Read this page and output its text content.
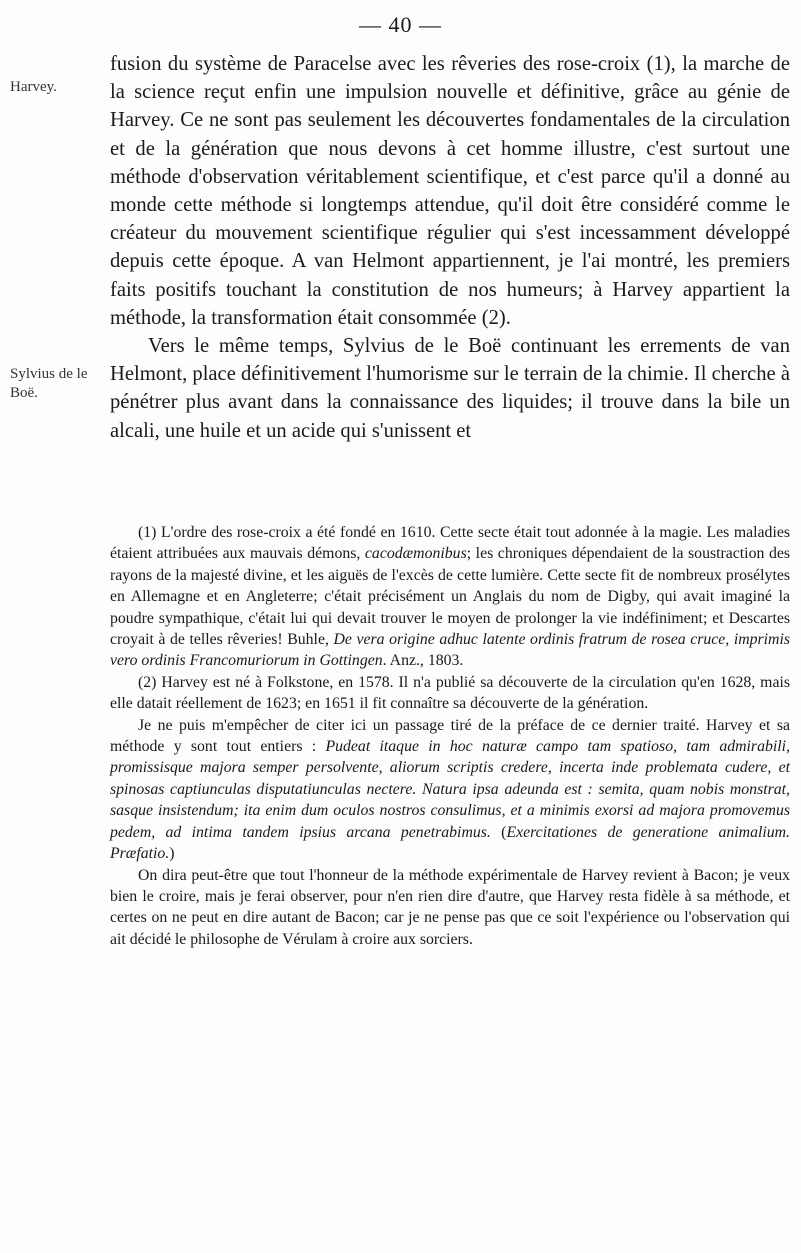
— 40 —
Harvey.
Sylvius de le Boë.

fusion du système de Paracelse avec les rêveries des rose-croix (1), la marche de la science reçut enfin une impulsion nouvelle et définitive, grâce au génie de Harvey. Ce ne sont pas seulement les découvertes fondamentales de la circulation et de la génération que nous devons à cet homme illustre, c'est surtout une méthode d'observation véritablement scientifique, et c'est parce qu'il a donné au monde cette méthode si longtemps attendue, qu'il doit être considéré comme le créateur du mouvement scientifique régulier qui s'est incessamment développé depuis cette époque. A van Helmont appartiennent, je l'ai montré, les premiers faits positifs touchant la constitution de nos humeurs; à Harvey appartient la méthode, la transformation était consommée (2).

Vers le même temps, Sylvius de le Boë continuant les errements de van Helmont, place définitivement l'humorisme sur le terrain de la chimie. Il cherche à pénétrer plus avant dans la connaissance des liquides; il trouve dans la bile un alcali, une huile et un acide qui s'unissent et

(1) L'ordre des rose-croix a été fondé en 1610. Cette secte était tout adonnée à la magie. Les maladies étaient attribuées aux mauvais démons, cacodæmonibus; les chroniques dépendaient de la soustraction des rayons de la majesté divine, et les aiguës de l'excès de cette lumière. Cette secte fit de nombreux prosélytes en Allemagne et en Angleterre; c'était précisément un Anglais du nom de Digby, qui avait imaginé la poudre sympathique, c'était lui qui devait trouver le moyen de prolonger la vie indéfiniment; et Descartes croyait à de telles rêveries! Buhle, De vera origine adhuc latente ordinis fratrum de rosea cruce, imprimis vero ordinis Francomuriorum in Gottingen. Anz., 1803.

(2) Harvey est né à Folkstone, en 1578. Il n'a publié sa découverte de la circulation qu'en 1628, mais elle datait réellement de 1623; en 1651 il fit connaître sa découverte de la génération.

Je ne puis m'empêcher de citer ici un passage tiré de la préface de ce dernier traité. Harvey et sa méthode y sont tout entiers : Pudeat itaque in hoc naturæ campo tam spatioso, tam admirabili, promissisque majora semper persolvente, aliorum scriptis credere, incerta inde problemata cudere, et spinosas captiunculas disputatiunculas nectere. Natura ipsa adeunda est : semita, quam nobis monstrat, sasque insistendum; ita enim dum oculos nostros consulimus, et a minimis exorsi ad majora promovemus pedem, ad intima tandem ipsius arcana penetrabimus. (Exercitationes de generatione animalium. Præfatio.)

On dira peut-être que tout l'honneur de la méthode expérimentale de Harvey revient à Bacon; je veux bien le croire, mais je ferai observer, pour n'en rien dire d'autre, que Harvey resta fidèle à sa méthode, et certes on ne peut en dire autant de Bacon; car je ne pense pas que ce soit l'expérience ou l'observation qui ait décidé le philosophe de Vérulam à croire aux sorciers.
